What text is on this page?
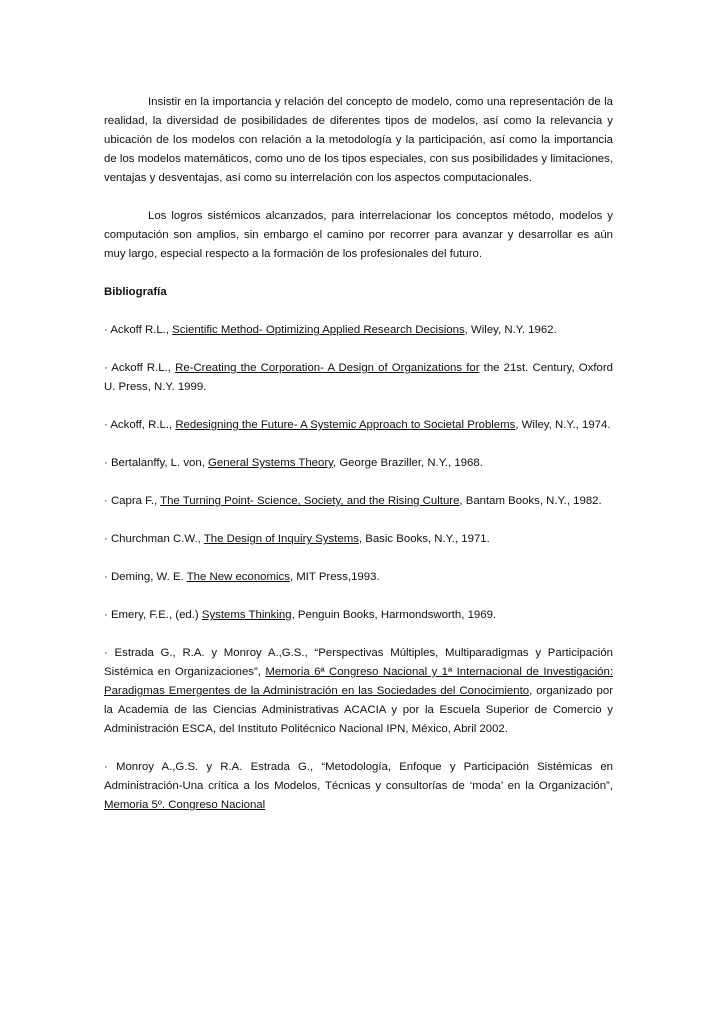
Insistir en la importancia y relación del concepto de modelo, como una representación de la realidad, la diversidad de posibilidades de diferentes tipos de modelos, así como la relevancia y ubicación de los modelos con relación a la metodología y la participación, así como la importancia de los modelos matemáticos, como uno de los tipos especiales, con sus posibilidades y limitaciones, ventajas y desventajas, así como su interrelación con los aspectos computacionales.

Los logros sistémicos alcanzados, para interrelacionar los conceptos método, modelos y computación son amplios, sin embargo el camino por recorrer para avanzar y desarrollar es aún muy largo, especial respecto a la formación de los profesionales del futuro.

Bibliografía

· Ackoff R.L., Scientific Method- Optimizing Applied Research Decisions, Wiley, N.Y. 1962.

· Ackoff R.L., Re-Creating the Corporation- A Design of Organizations for the 21st. Century, Oxford U. Press, N.Y. 1999.

· Ackoff, R.L., Redesigning the Future- A Systemic Approach to Societal Problems, Wiley, N.Y., 1974.

· Bertalanffy, L. von, General Systems Theory, George Braziller, N.Y., 1968.

· Capra F., The Turning Point- Science, Society, and the Rising Culture, Bantam Books, N.Y., 1982.

· Churchman C.W., The Design of Inquiry Systems, Basic Books, N.Y., 1971.

· Deming, W. E. The New economics, MIT Press,1993.

· Emery, F.E., (ed.) Systems Thinking, Penguin Books, Harmondsworth, 1969.

· Estrada G., R.A. y Monroy A.,G.S., “Perspectivas Múltiples, Multiparadigmas y Participación Sistémica en Organizaciones”, Memoria 6ª Congreso Nacional y 1ª Internacional de Investigación: Paradigmas Emergentes de la Administración en las Sociedades del Conocimiento, organizado por la Academia de las Ciencias Administrativas ACACIA y por la Escuela Superior de Comercio y Administración ESCA, del Instituto Politécnico Nacional IPN, México, Abril 2002.

· Monroy A.,G.S. y R.A. Estrada G., “Metodología, Enfoque y Participación Sistémicas en Administración-Una crítica a los Modelos, Técnicas y consultorías de ‘moda’ en la Organización”, Memoria 5º. Congreso Nacional
